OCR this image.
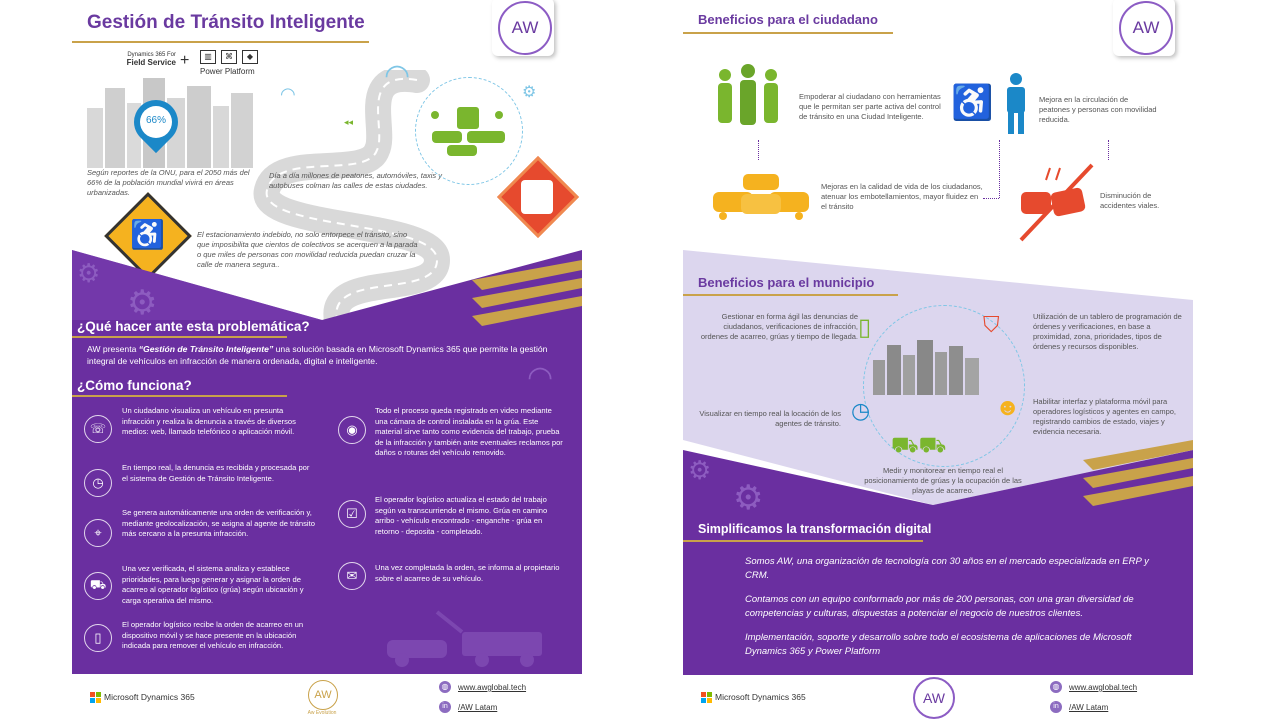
Gestión de Tránsito Inteligente	AW
Dynamics 365 For
Field Service +	▥	⌘	◆
Power Platform
66%
Según reportes de la ONU, para el 2050 más del 66% de la población mundial vivirá en áreas urbanizadas.
◠
◠
◂◂
Día a día millones de peatones, automóviles, taxis y autobuses colman las calles de estas ciudades.
⚙
♿	El estacionamiento indebido, no solo entorpece el tránsito, sino que imposibilita que cientos de colectivos se acerquen a la parada o que miles de personas con movilidad reducida puedan cruzar la calle de manera segura..
⚙
⚙
¿Qué hacer ante esta problemática?
AW presenta “Gestión de Tránsito Inteligente” una solución basada en Microsoft Dynamics 365 que permite la gestión integral de vehículos en infracción de manera ordenada, digital e inteligente.
¿Cómo funciona?	◠
☏
Un ciudadano visualiza un vehículo en presunta infracción y realiza la denuncia a través de diversos medios: web, llamado telefónico o aplicación móvil.
◷
En tiempo real, la denuncia es recibida y procesada por el sistema de Gestión de Tránsito Inteligente.
⌖
Se genera automáticamente una orden de verificación y, mediante geolocalización, se asigna al agente de tránsito más cercano a la presunta infracción.
⛟
Una vez verificada, el sistema analiza y establece prioridades, para luego generar y asignar la orden de acarreo al operador logístico (grúa) según ubicación y carga operativa del mismo.
▯
El operador logístico recibe la orden de acarreo en un dispositivo móvil y se hace presente en la ubicación indicada para remover el vehículo en infracción.
◉
Todo el proceso queda registrado en video mediante una cámara de control instalada en la grúa. Este material sirve tanto como evidencia del trabajo, prueba de la infracción y también ante eventuales reclamos por daños o roturas del vehículo removido.
☑
El operador logístico actualiza el estado del trabajo según va transcurriendo el mismo. Grúa en camino arribo - vehículo encontrado - enganche - grúa en retorno - deposita - completado.
✉
Una vez completada la orden, se informa al propietario sobre el acarreo de su vehículo.
Microsoft Dynamics 365	AW
Aw Evolution
◍	www.awglobal.tech
in	/AW Latam
Beneficios para el ciudadano	AW
Empoderar al ciudadano con herramientas que le permitan ser parte activa del control de tránsito en una Ciudad Inteligente. ♿	Mejora en la circulación de peatones y personas con movilidad reducida.
Mejoras en la calidad de vida de los ciudadanos, atenuar los embotellamientos, mayor fluidez en el tránsito
Disminución de accidentes viales.
Beneficios para el municipio
▯	⛉
◷	☻
⛟⛟
Gestionar en forma ágil las denuncias de ciudadanos, verificaciones de infracción, ordenes de acarreo, grúas y tiempo de llegada.
Utilización de un tablero de programación de órdenes y verificaciones, en base a proximidad, zona, prioridades, tipos de órdenes y recursos disponibles.
Visualizar en tiempo real la locación de los agentes de tránsito.
Habilitar interfaz y plataforma móvil para operadores logísticos y agentes en campo, registrando cambios de estado, viajes y evidencia necesaria.
Medir y monitorear en tiempo real el posicionamiento de grúas y la ocupación de las playas de acarreo.
⚙
⚙
Simplificamos la transformación digital
Somos AW, una organización de tecnología con 30 años en el mercado especializada en ERP y CRM.
Contamos con un equipo conformado por más de 200 personas, con una gran diversidad de competencias y culturas, dispuestas a potenciar el negocio de nuestros clientes.
Implementación, soporte y desarrollo sobre todo el ecosistema de aplicaciones de Microsoft Dynamics 365 y Power Platform
Microsoft Dynamics 365	AW
◍	www.awglobal.tech
in	/AW Latam
